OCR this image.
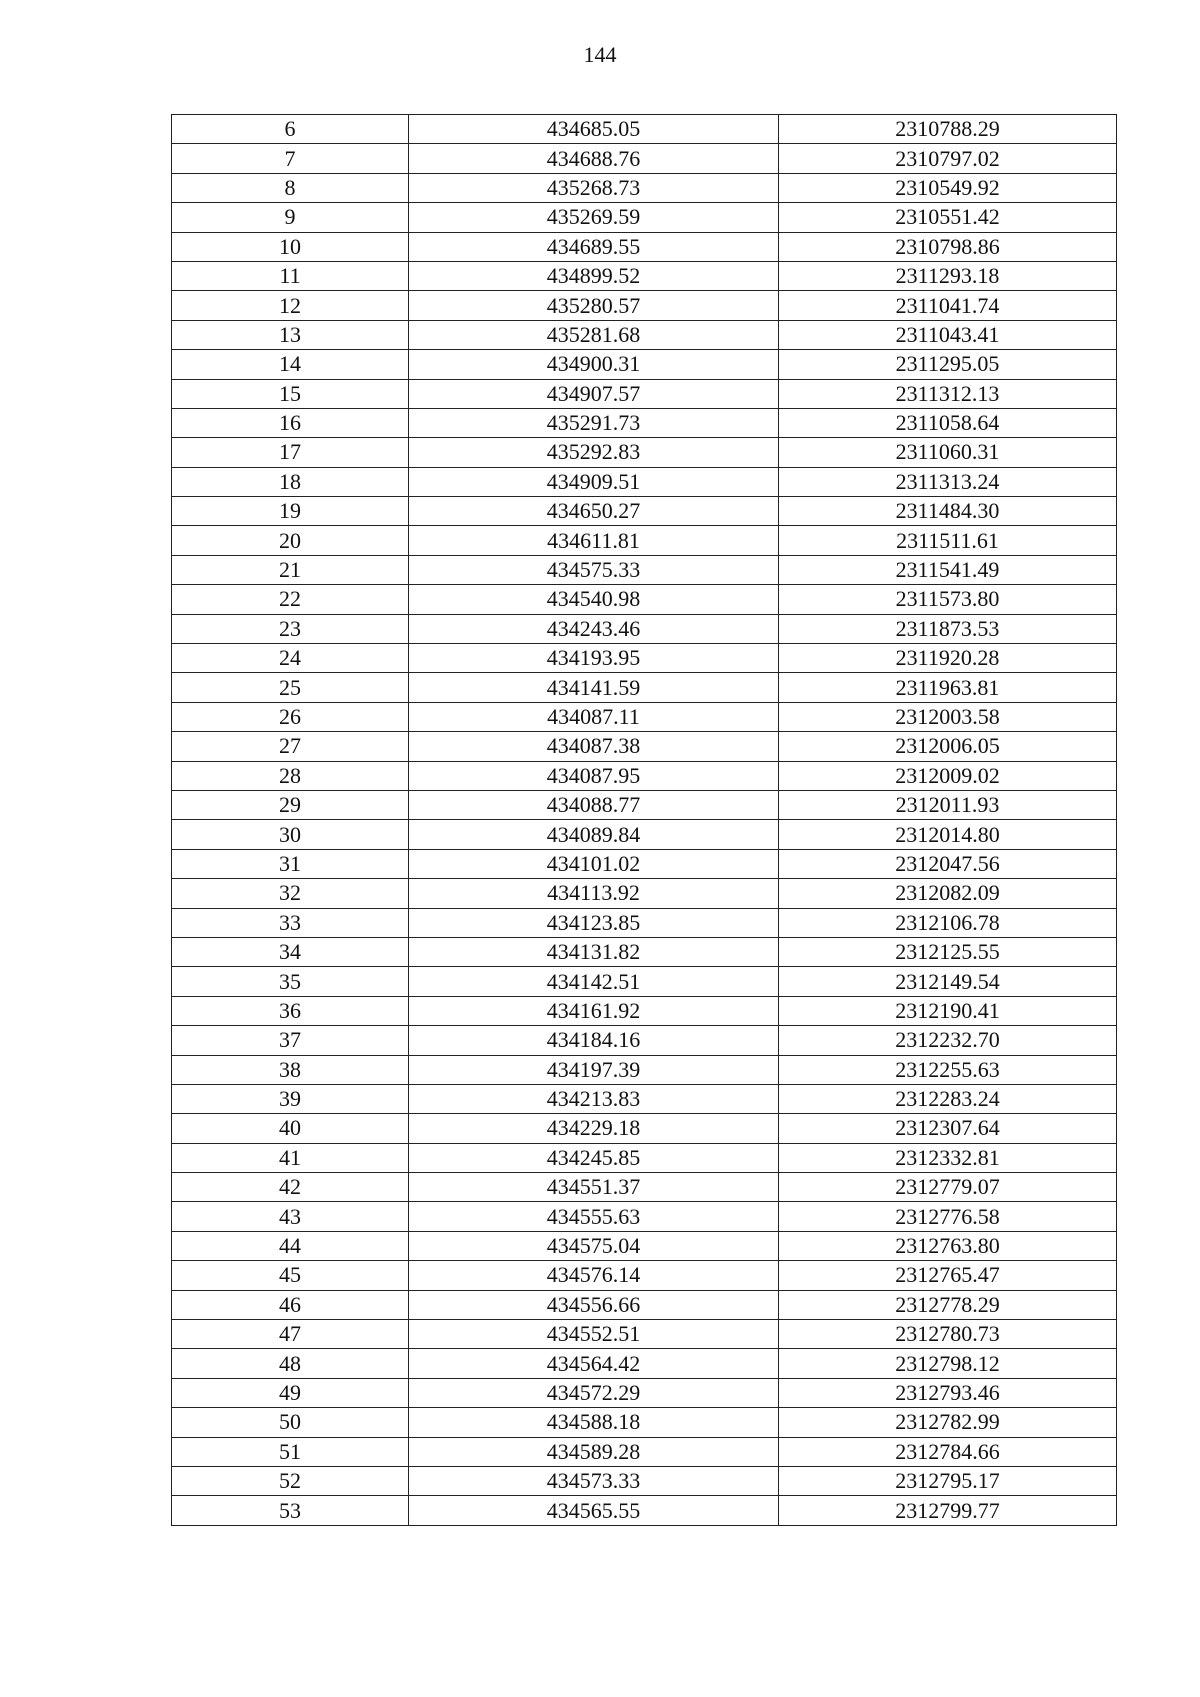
144
6	434685.05	2310788.29
7	434688.76	2310797.02
8	435268.73	2310549.92
9	435269.59	2310551.42
10	434689.55	2310798.86
11	434899.52	2311293.18
12	435280.57	2311041.74
13	435281.68	2311043.41
14	434900.31	2311295.05
15	434907.57	2311312.13
16	435291.73	2311058.64
17	435292.83	2311060.31
18	434909.51	2311313.24
19	434650.27	2311484.30
20	434611.81	2311511.61
21	434575.33	2311541.49
22	434540.98	2311573.80
23	434243.46	2311873.53
24	434193.95	2311920.28
25	434141.59	2311963.81
26	434087.11	2312003.58
27	434087.38	2312006.05
28	434087.95	2312009.02
29	434088.77	2312011.93
30	434089.84	2312014.80
31	434101.02	2312047.56
32	434113.92	2312082.09
33	434123.85	2312106.78
34	434131.82	2312125.55
35	434142.51	2312149.54
36	434161.92	2312190.41
37	434184.16	2312232.70
38	434197.39	2312255.63
39	434213.83	2312283.24
40	434229.18	2312307.64
41	434245.85	2312332.81
42	434551.37	2312779.07
43	434555.63	2312776.58
44	434575.04	2312763.80
45	434576.14	2312765.47
46	434556.66	2312778.29
47	434552.51	2312780.73
48	434564.42	2312798.12
49	434572.29	2312793.46
50	434588.18	2312782.99
51	434589.28	2312784.66
52	434573.33	2312795.17
53	434565.55	2312799.77
